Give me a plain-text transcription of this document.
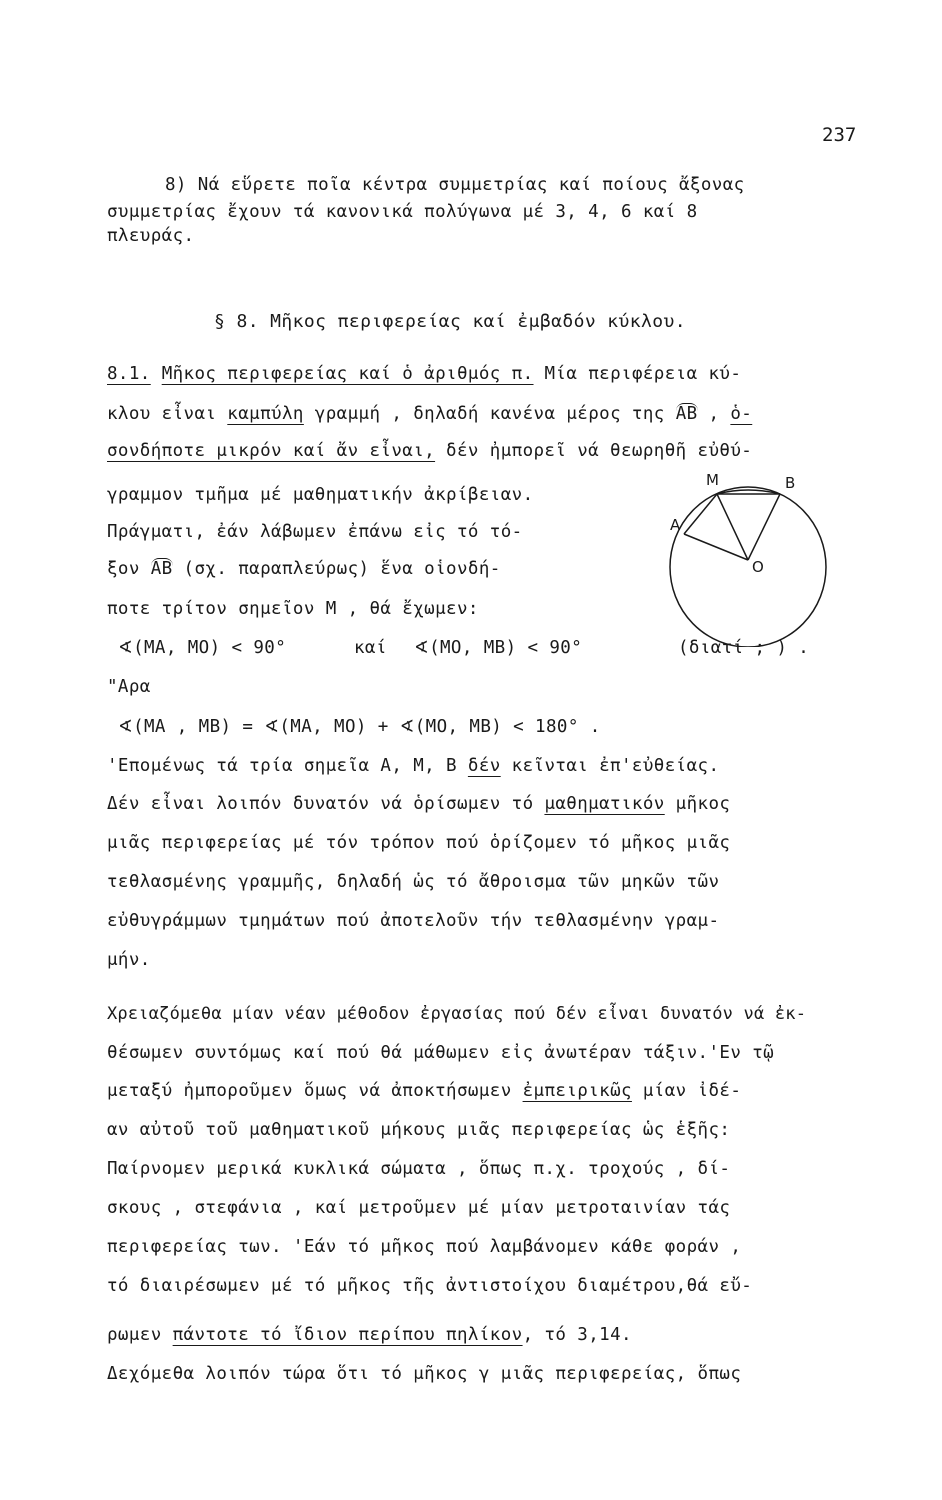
237
8) Νά εὕρετε ποῖα κέντρα συμμετρίας καί ποίους ἄξονας
συμμετρίας ἔχουν τά κανονικά πολύγωνα μέ 3, 4, 6 καί 8
πλευράς.
§ 8. Μῆκος περιφερείας καί ἐμβαδόν κύκλου.
8.1. Μῆκος περιφερείας καί ὁ ἀριθμός π. Μία περιφέρεια κύ-
κλου εἶναι καμπύλη γραμμή , δηλαδή κανένα μέρος της AB , ὁ-
σονδήποτε μικρόν καί ἄν εἶναι, δέν ἠμπορεῖ νά θεωρηθῆ εὐθύ-
γραμμον τμῆμα μέ μαθηματικήν ἀκρίβειαν.
Πράγματι, ἐάν λάβωμεν ἐπάνω εἰς τό τό-
ξον AB (σχ. παραπλεύρως) ἕνα οἱονδή-
ποτε τρίτον σημεῖον M , θά ἔχωμεν:
∢(MA, MO) < 90°	καί ∢(MO, MB) < 90°	(διατί ; ) .
"Αρα
∢(MA , MB) = ∢(MA, MO) + ∢(MO, MB) < 180° .
'Επομένως τά τρία σημεῖα A, M, B δέν κεῖνται ἐπ'εὐθείας.
Δέν εἶναι λοιπόν δυνατόν νά ὁρίσωμεν τό μαθηματικόν μῆκος
μιᾶς περιφερείας μέ τόν τρόπον πού ὁρίζομεν τό μῆκος μιᾶς
τεθλασμένης γραμμῆς, δηλαδή ὡς τό ἄθροισμα τῶν μηκῶν τῶν
εὐθυγράμμων τμημάτων πού ἀποτελοῦν τήν τεθλασμένην γραμ-
μήν.
Χρειαζόμεθα μίαν νέαν μέθοδον ἐργασίας πού δέν εἶναι δυνατόν νά ἐκ-
θέσωμεν συντόμως καί πού θά μάθωμεν εἰς ἀνωτέραν τάξιν.'Εν τῷ
μεταξύ ἠμποροῦμεν ὅμως νά ἀποκτήσωμεν ἐμπειρικῶς μίαν ἰδέ-
αν αὐτοῦ τοῦ μαθηματικοῦ μήκους μιᾶς περιφερείας ὡς ἑξῆς:
Παίρνομεν μερικά κυκλικά σώματα , ὅπως π.χ. τροχούς , δί-
σκους , στεφάνια , καί μετροῦμεν μέ μίαν μετροταινίαν τάς
περιφερείας των. 'Εάν τό μῆκος πού λαμβάνομεν κάθε φοράν ,
τό διαιρέσωμεν μέ τό μῆκος τῆς ἀντιστοίχου διαμέτρου,θά εὔ-
ρωμεν πάντοτε τό ἴδιον περίπου πηλίκον, τό 3,14.
Δεχόμεθα λοιπόν τώρα ὅτι τό μῆκος γ μιᾶς περιφερείας, ὅπως
M	B
A
O
